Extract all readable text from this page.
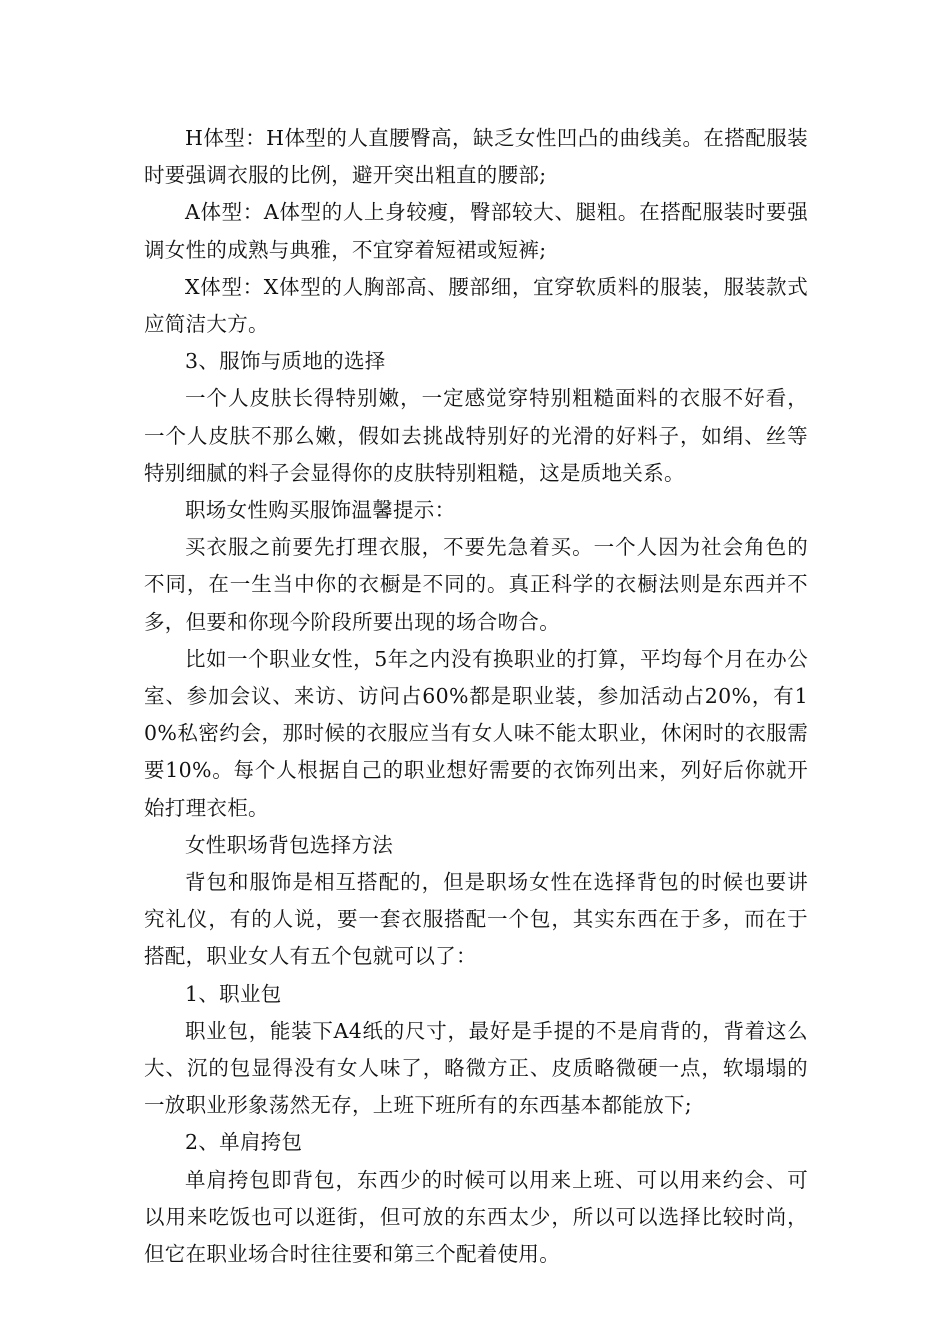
H体型：H体型的人直腰臀高，缺乏女性凹凸的曲线美。在搭配服装时要强调衣服的比例，避开突出粗直的腰部;

A体型：A体型的人上身较瘦，臀部较大、腿粗。在搭配服装时要强调女性的成熟与典雅，不宜穿着短裙或短裤;

X体型：X体型的人胸部高、腰部细，宜穿软质料的服装，服装款式应简洁大方。

3、服饰与质地的选择

一个人皮肤长得特别嫩，一定感觉穿特别粗糙面料的衣服不好看，一个人皮肤不那么嫩，假如去挑战特别好的光滑的好料子，如绢、丝等特别细腻的料子会显得你的皮肤特别粗糙，这是质地关系。

职场女性购买服饰温馨提示：

买衣服之前要先打理衣服，不要先急着买。一个人因为社会角色的不同，在一生当中你的衣橱是不同的。真正科学的衣橱法则是东西并不多，但要和你现今阶段所要出现的场合吻合。

比如一个职业女性，5年之内没有换职业的打算，平均每个月在办公室、参加会议、来访、访问占60%都是职业装，参加活动占20%，有10%私密约会，那时候的衣服应当有女人味不能太职业，休闲时的衣服需要10%。每个人根据自己的职业想好需要的衣饰列出来，列好后你就开始打理衣柜。

女性职场背包选择方法

背包和服饰是相互搭配的，但是职场女性在选择背包的时候也要讲究礼仪，有的人说，要一套衣服搭配一个包，其实东西在于多，而在于搭配，职业女人有五个包就可以了：

1、职业包

职业包，能装下A4纸的尺寸，最好是手提的不是肩背的，背着这么大、沉的包显得没有女人味了，略微方正、皮质略微硬一点，软塌塌的一放职业形象荡然无存，上班下班所有的东西基本都能放下;

2、单肩挎包

单肩挎包即背包，东西少的时候可以用来上班、可以用来约会、可以用来吃饭也可以逛街，但可放的东西太少，所以可以选择比较时尚，但它在职业场合时往往要和第三个配着使用。
